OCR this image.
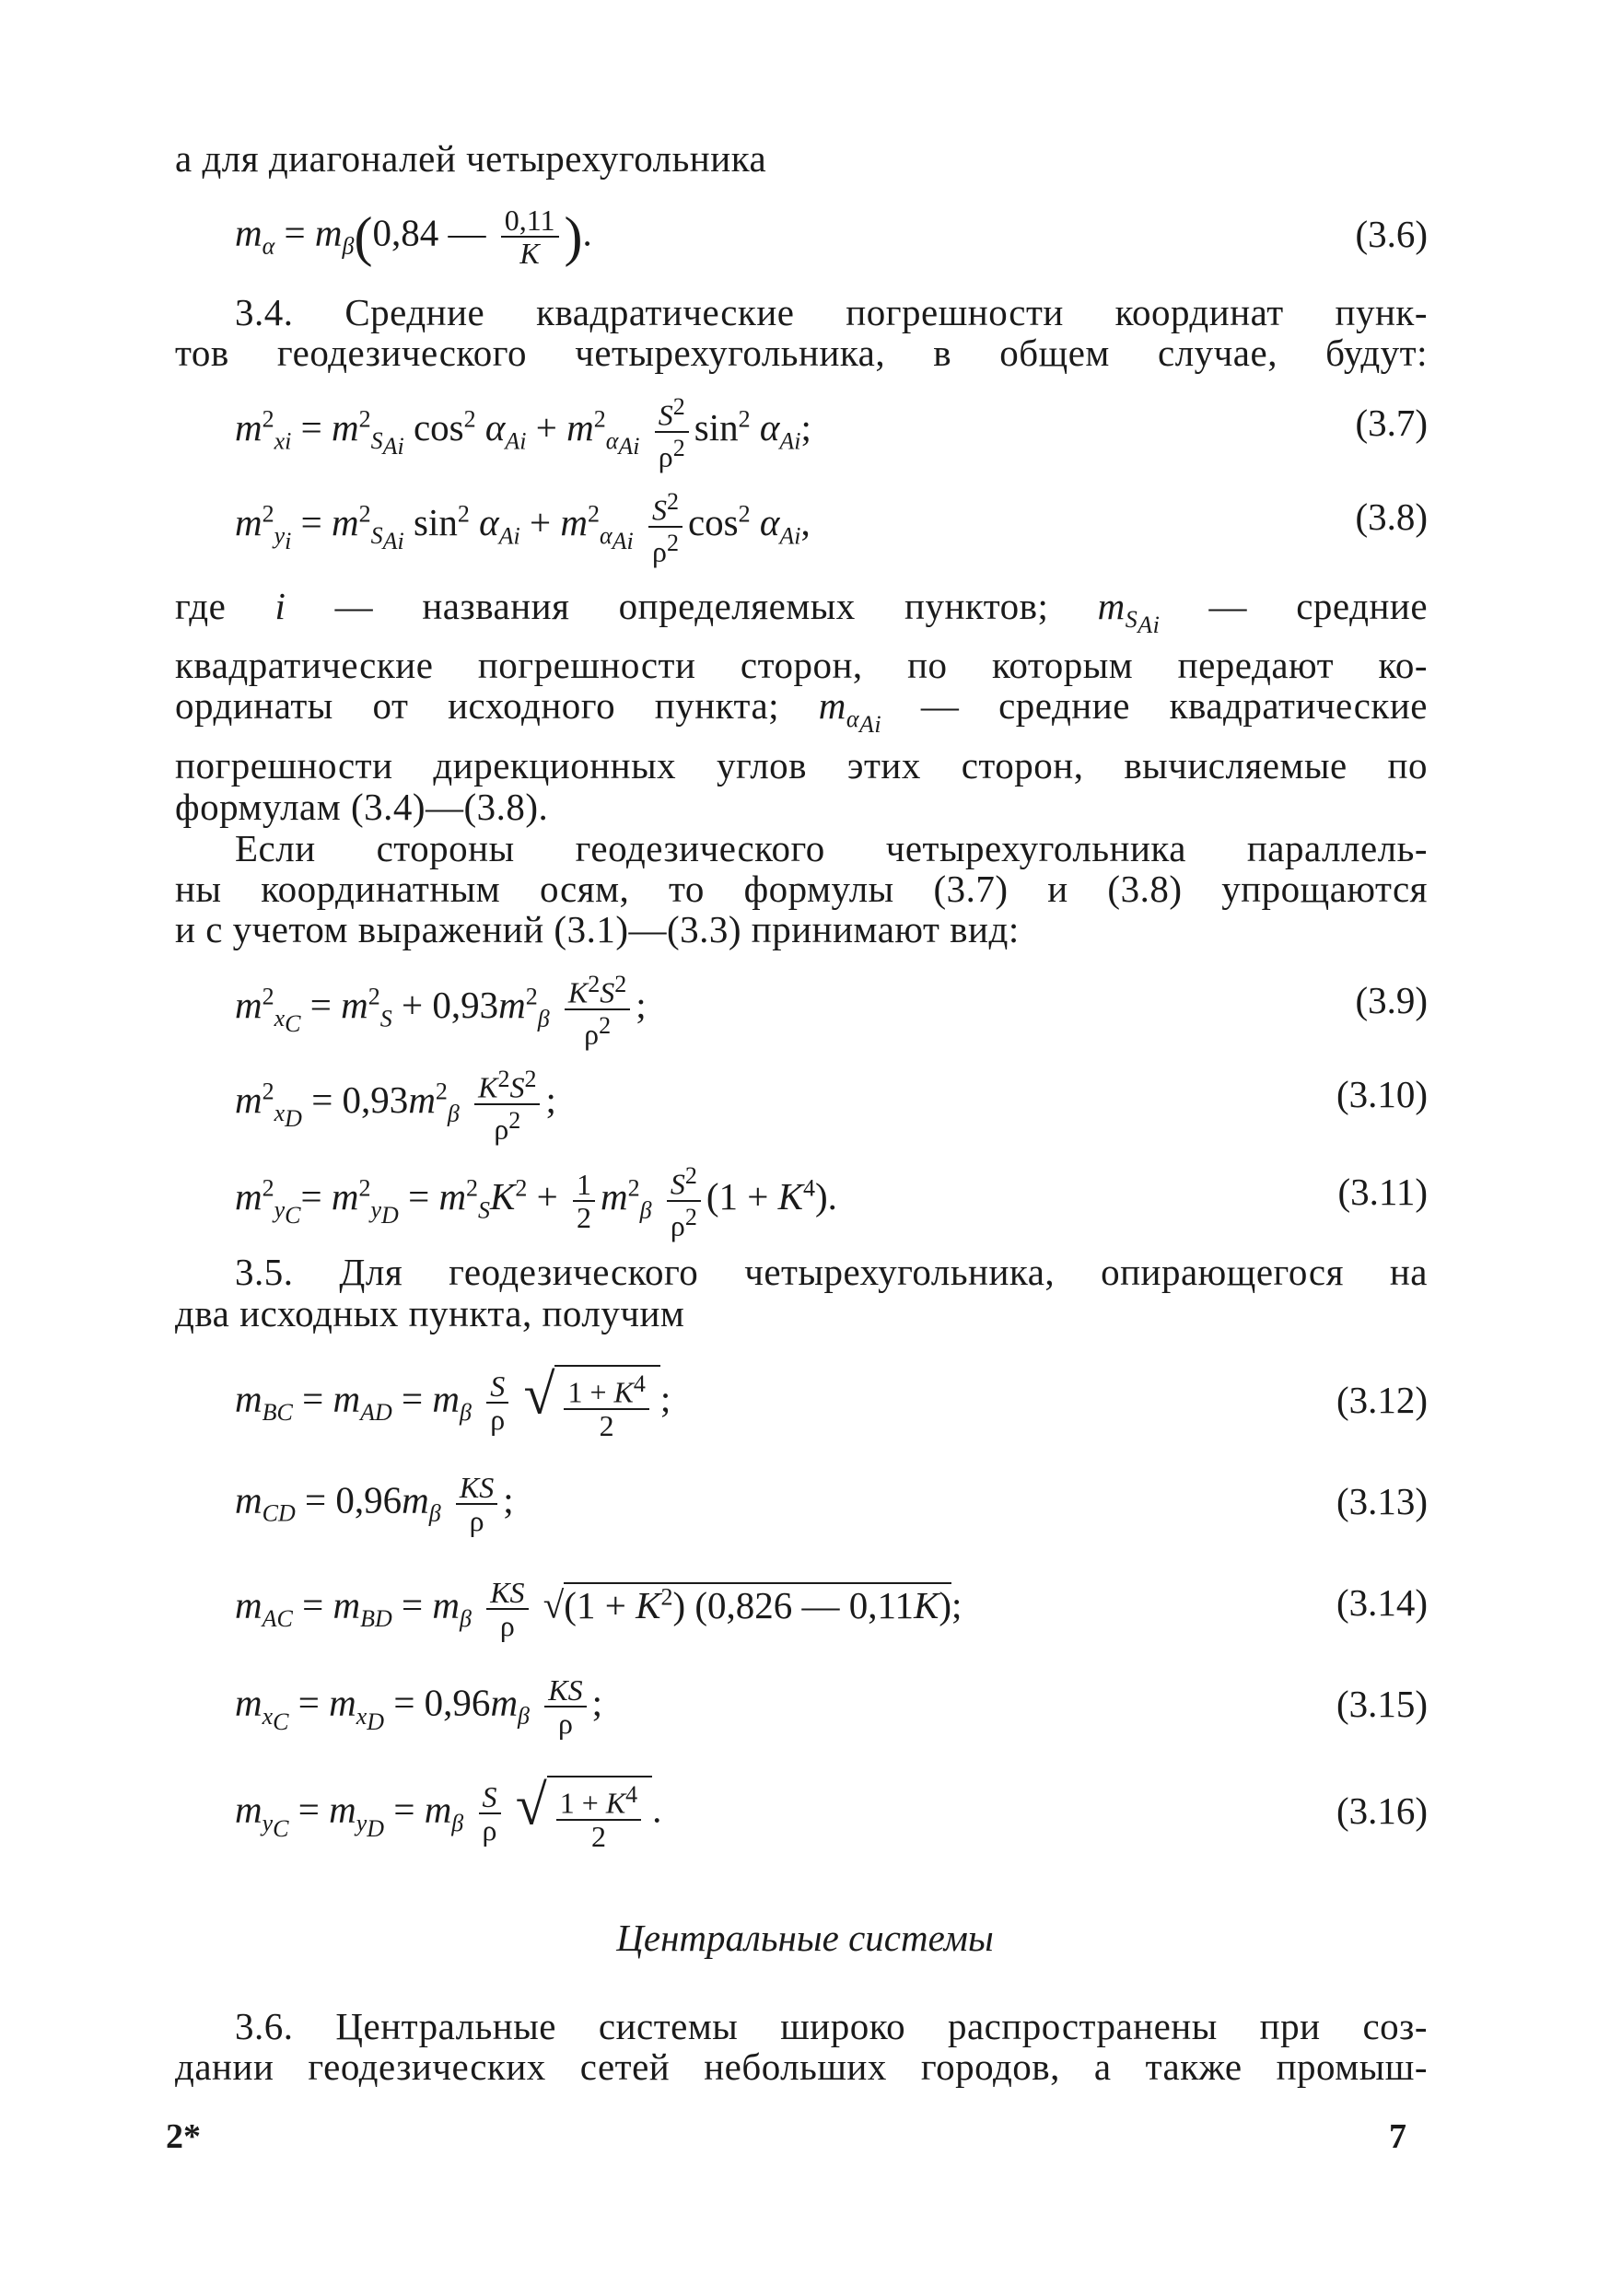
а для диагоналей четырехугольника
$m_\alpha = m_\beta(0,84$ — $\frac{0,11}{K}$ ).	(3.6)
3.4. Средние квадратические погрешности координат пунк-
тов геодезического четырехугольника, в общем случае, будут:
$m^2_{xi} = m^2_{S_{Ai}}$ $\cos^2 \alpha_{Ai} + m^2_{\alpha_{Ai}} \frac{S^2}{\rho^2} \sin^2 \alpha_{Ai}$;	(3.7)
$m^2_{y_i} = m^2_{S_{Ai}}$ $\sin^2 \alpha_{Ai} + m^2_{\alpha_{Ai}} \frac{S^2}{\rho^2} \cos^2 \alpha_{Ai}$,	(3.8)
где i — названия определяемых пунктов; $m_{S_{Ai}}$ — средние
квадратические погрешности сторон, по которым передают ко-
ординаты от исходного пункта; $m_{\alpha_{Ai}}$ — средние квадратические
погрешности дирекционных углов этих сторон, вычисляемые по
формулам (3.4)—(3.8).
Если стороны геодезического четырехугольника параллель-
ны координатным осям, то формулы (3.7) и (3.8) упрощаются
и с учетом выражений (3.1)—(3.3) принимают вид:
$m^2_{x_C} = m^2_S + 0,93m^2_\beta \frac{K^2S^2}{\rho^2}$ ;	(3.9)
$m^2_{x_D} = 0,93m^2_\beta \frac{K^2S^2}{\rho^2}$ ;	(3.10)
$m^2_{y_C}= m^2_{y_D} = m^2_SK^2 + \frac{1}{2} m^2_\beta \frac{S^2}{\rho^2} (1 + K^4)$.	(3.11)
3.5. Для геодезического четырехугольника, опирающегося на
два исходных пункта, получим
$m_{BC} = m_{AD} = m_\beta \frac{S}{\rho}$ √ $\frac{1 + K^4}{2}$ ;	(3.12)
$m_{CD} = 0,96m_\beta \frac{KS}{\rho}$ ;	(3.13)
$m_{AC} = m_{BD} = m_\beta \frac{KS}{\rho} √(1 + K^2)$ (0,826 — 0,11K);	(3.14)
$m_{x_C} = m_{x_D} = 0,96m_\beta \frac{KS}{\rho}$ ;	(3.15)
$m_{y_C} = m_{y_D} = m_\beta \frac{S}{\rho}$ √ $\frac{1 + K^4}{2}$ .	(3.16)
Центральные системы
3.6. Центральные системы широко распространены при соз-
дании геодезических сетей небольших городов, а также промыш-
2*	7
